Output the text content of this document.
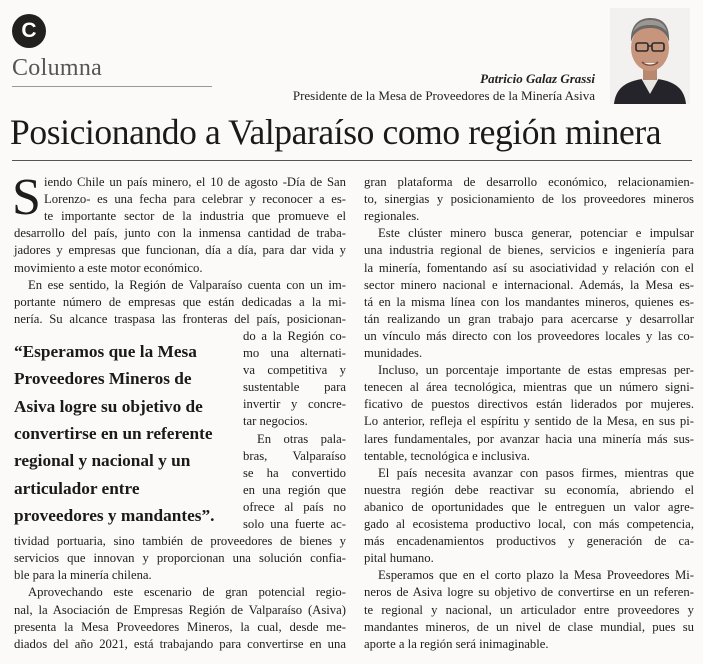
C
Columna	Patricio Galaz Grassi
Presidente de la Mesa de Proveedores de la Minería Asiva
Posicionando a Valparaíso como región minera
S iendo Chile un país minero, el 10 de agosto -Día de San
Lorenzo- es una fecha para celebrar y reconocer a es-
te importante sector de la industria que promueve el
desarrollo del país, junto con la inmensa cantidad de traba-
jadores y empresas que funcionan, día a día, para dar vida y
movimiento a este motor económico.
En ese sentido, la Región de Valparaíso cuenta con un im-
portante número de empresas que están dedicadas a la mi-
nería. Su alcance traspasa las fronteras del país, posicionan-
do a la Región co-
mo una alternati-
va competitiva y
sustentable para
invertir y concre-
tar negocios.
En otras pala-
bras, Valparaíso
se ha convertido
en una región que
ofrece al país no
solo una fuerte ac-
tividad portuaria, sino también de proveedores de bienes y
servicios que innovan y proporcionan una solución confia-
ble para la minería chilena.
Aprovechando este escenario de gran potencial regio-
nal, la Asociación de Empresas Región de Valparaíso (Asiva)
presenta la Mesa Proveedores Mineros, la cual, desde me-
diados del año 2021, está trabajando para convertirse en una
“Esperamos que la Mesa
Proveedores Mineros de
Asiva logre su objetivo de
convertirse en un referente
regional y nacional y un
articulador entre
proveedores y mandantes”.
gran plataforma de desarrollo económico, relacionamien-
to, sinergias y posicionamiento de los proveedores mineros
regionales.
Este clúster minero busca generar, potenciar e impulsar
una industria regional de bienes, servicios e ingeniería para
la minería, fomentando así su asociatividad y relación con el
sector minero nacional e internacional. Además, la Mesa es-
tá en la misma línea con los mandantes mineros, quienes es-
tán realizando un gran trabajo para acercarse y desarrollar
un vínculo más directo con los proveedores locales y las co-
munidades.
Incluso, un porcentaje importante de estas empresas per-
tenecen al área tecnológica, mientras que un número signi-
ficativo de puestos directivos están liderados por mujeres.
Lo anterior, refleja el espíritu y sentido de la Mesa, en sus pi-
lares fundamentales, por avanzar hacia una minería más sus-
tentable, tecnológica e inclusiva.
El país necesita avanzar con pasos firmes, mientras que
nuestra región debe reactivar su economía, abriendo el
abanico de oportunidades que le entreguen un valor agre-
gado al ecosistema productivo local, con más competencia,
más encadenamientos productivos y generación de ca-
pital humano.
Esperamos que en el corto plazo la Mesa Proveedores Mi-
neros de Asiva logre su objetivo de convertirse en un referen-
te regional y nacional, un articulador entre proveedores y
mandantes mineros, de un nivel de clase mundial, pues su
aporte a la región será inimaginable.
